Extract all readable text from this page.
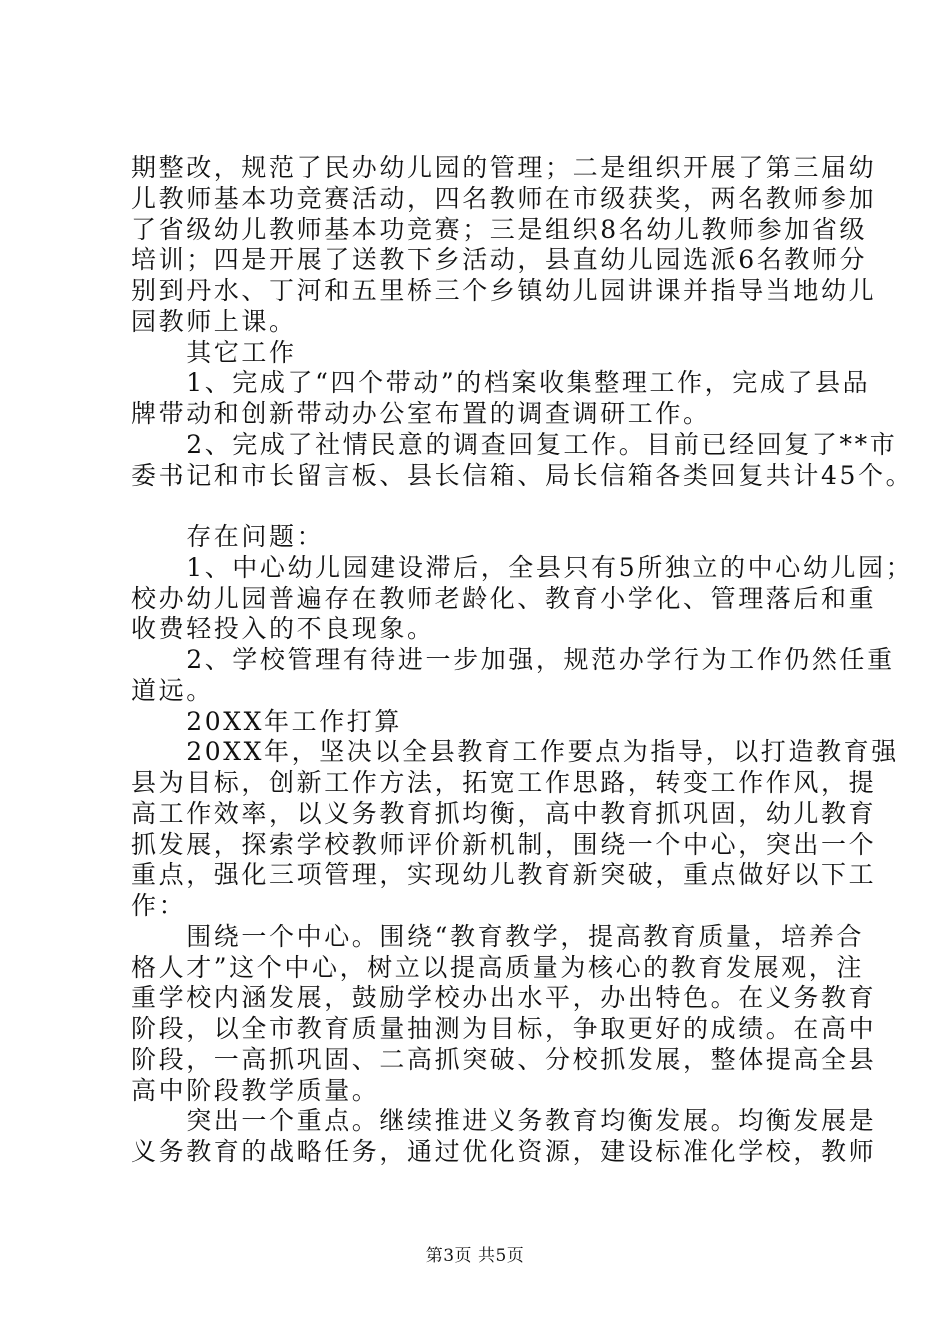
期整改，规范了民办幼儿园的管理；二是组织开展了第三届幼
儿教师基本功竞赛活动，四名教师在市级获奖，两名教师参加
了省级幼儿教师基本功竞赛；三是组织8名幼儿教师参加省级
培训；四是开展了送教下乡活动，县直幼儿园选派6名教师分
别到丹水、丁河和五里桥三个乡镇幼儿园讲课并指导当地幼儿
园教师上课。
　　其它工作
　　1、完成了“四个带动”的档案收集整理工作，完成了县品
牌带动和创新带动办公室布置的调查调研工作。
　　2、完成了社情民意的调查回复工作。目前已经回复了**市
委书记和市长留言板、县长信箱、局长信箱各类回复共计45个。
　　存在问题：
　　1、中心幼儿园建设滞后，全县只有5所独立的中心幼儿园；
校办幼儿园普遍存在教师老龄化、教育小学化、管理落后和重
收费轻投入的不良现象。
　　2、学校管理有待进一步加强，规范办学行为工作仍然任重
道远。
　　20XX年工作打算
　　20XX年，坚决以全县教育工作要点为指导，以打造教育强
县为目标，创新工作方法，拓宽工作思路，转变工作作风，提
高工作效率，以义务教育抓均衡，高中教育抓巩固，幼儿教育
抓发展，探索学校教师评价新机制，围绕一个中心，突出一个
重点，强化三项管理，实现幼儿教育新突破，重点做好以下工
作：
　　围绕一个中心。围绕“教育教学，提高教育质量，培养合
格人才”这个中心，树立以提高质量为核心的教育发展观，注
重学校内涵发展，鼓励学校办出水平，办出特色。在义务教育
阶段，以全市教育质量抽测为目标，争取更好的成绩。在高中
阶段，一高抓巩固、二高抓突破、分校抓发展，整体提高全县
高中阶段教学质量。
　　突出一个重点。继续推进义务教育均衡发展。均衡发展是
义务教育的战略任务，通过优化资源，建设标准化学校，教师
第3页 共5页
